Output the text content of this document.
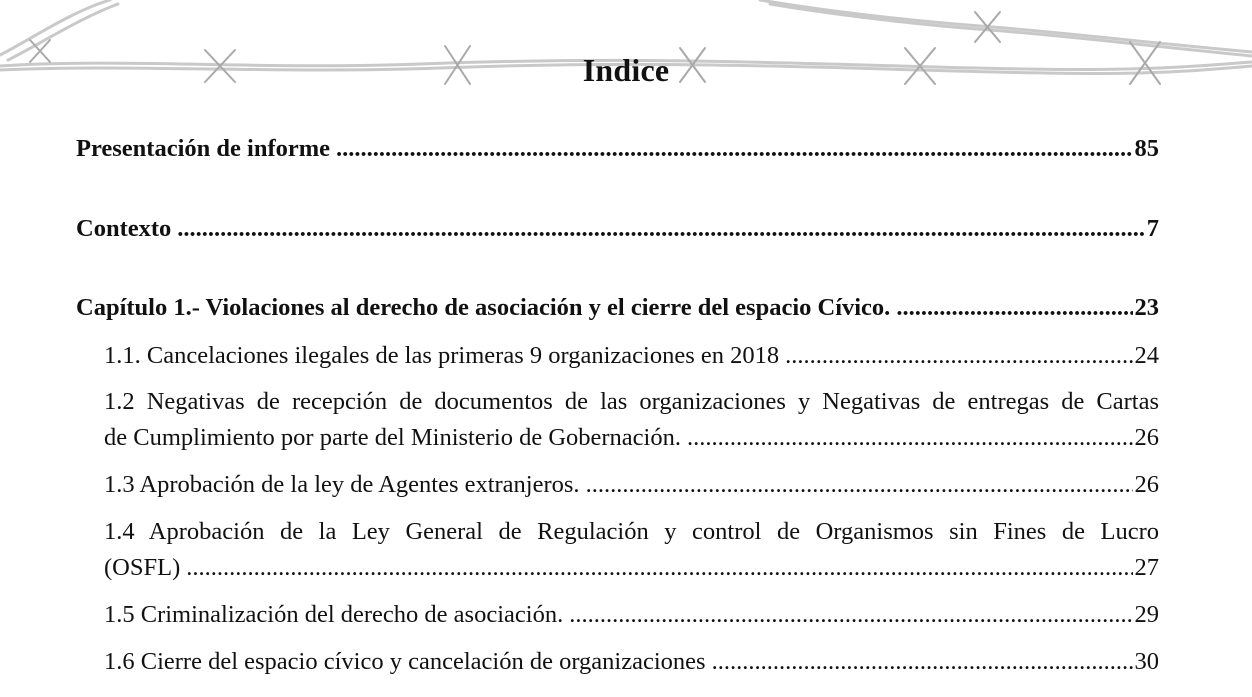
Indice
Presentación de informe .....	85
Contexto .....	7
Capítulo 1.- Violaciones al derecho de asociación y el cierre del espacio Cívico. .....	23
1.1. Cancelaciones ilegales de las primeras 9 organizaciones en 2018 .....	24
1.2 Negativas de recepción de documentos de las organizaciones y Negativas de entregas de Cartas
de Cumplimiento por parte del Ministerio de Gobernación. .....	26
1.3 Aprobación de la ley de Agentes extranjeros. .....	26
1.4 Aprobación de la Ley General de Regulación y control de Organismos sin Fines de Lucro
(OSFL) .....	27
1.5 Criminalización del derecho de asociación. .....	29
1.6 Cierre del espacio cívico y cancelación de organizaciones .....	30
